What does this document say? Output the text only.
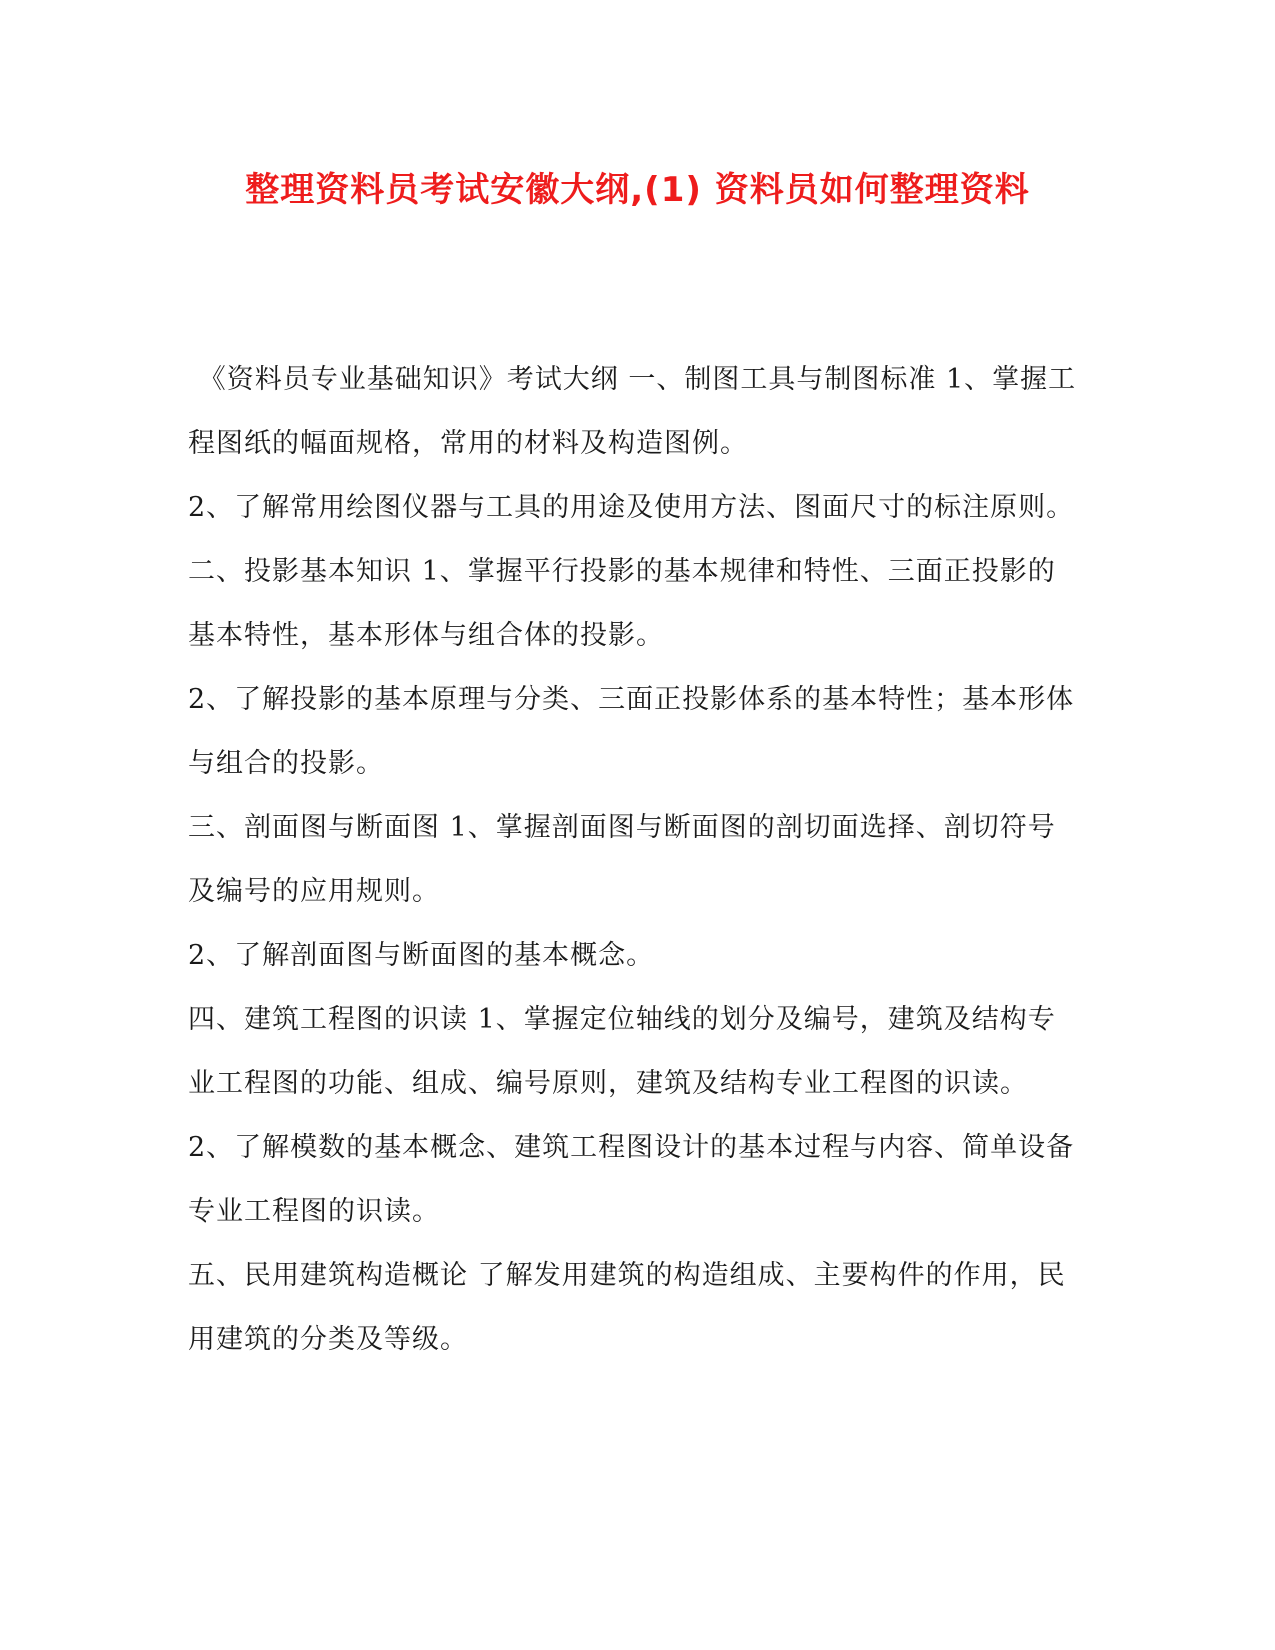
整理资料员考试安徽大纲,(1) 资料员如何整理资料

《资料员专业基础知识》考试大纲 一、制图工具与制图标准 1、掌握工程图纸的幅面规格，常用的材料及构造图例。

2、了解常用绘图仪器与工具的用途及使用方法、图面尺寸的标注原则。

二、投影基本知识 1、掌握平行投影的基本规律和特性、三面正投影的基本特性，基本形体与组合体的投影。

2、了解投影的基本原理与分类、三面正投影体系的基本特性；基本形体与组合的投影。

三、剖面图与断面图 1、掌握剖面图与断面图的剖切面选择、剖切符号及编号的应用规则。

2、了解剖面图与断面图的基本概念。

四、建筑工程图的识读 1、掌握定位轴线的划分及编号，建筑及结构专业工程图的功能、组成、编号原则，建筑及结构专业工程图的识读。

2、了解模数的基本概念、建筑工程图设计的基本过程与内容、简单设备专业工程图的识读。

五、民用建筑构造概论 了解发用建筑的构造组成、主要构件的作用，民用建筑的分类及等级。
